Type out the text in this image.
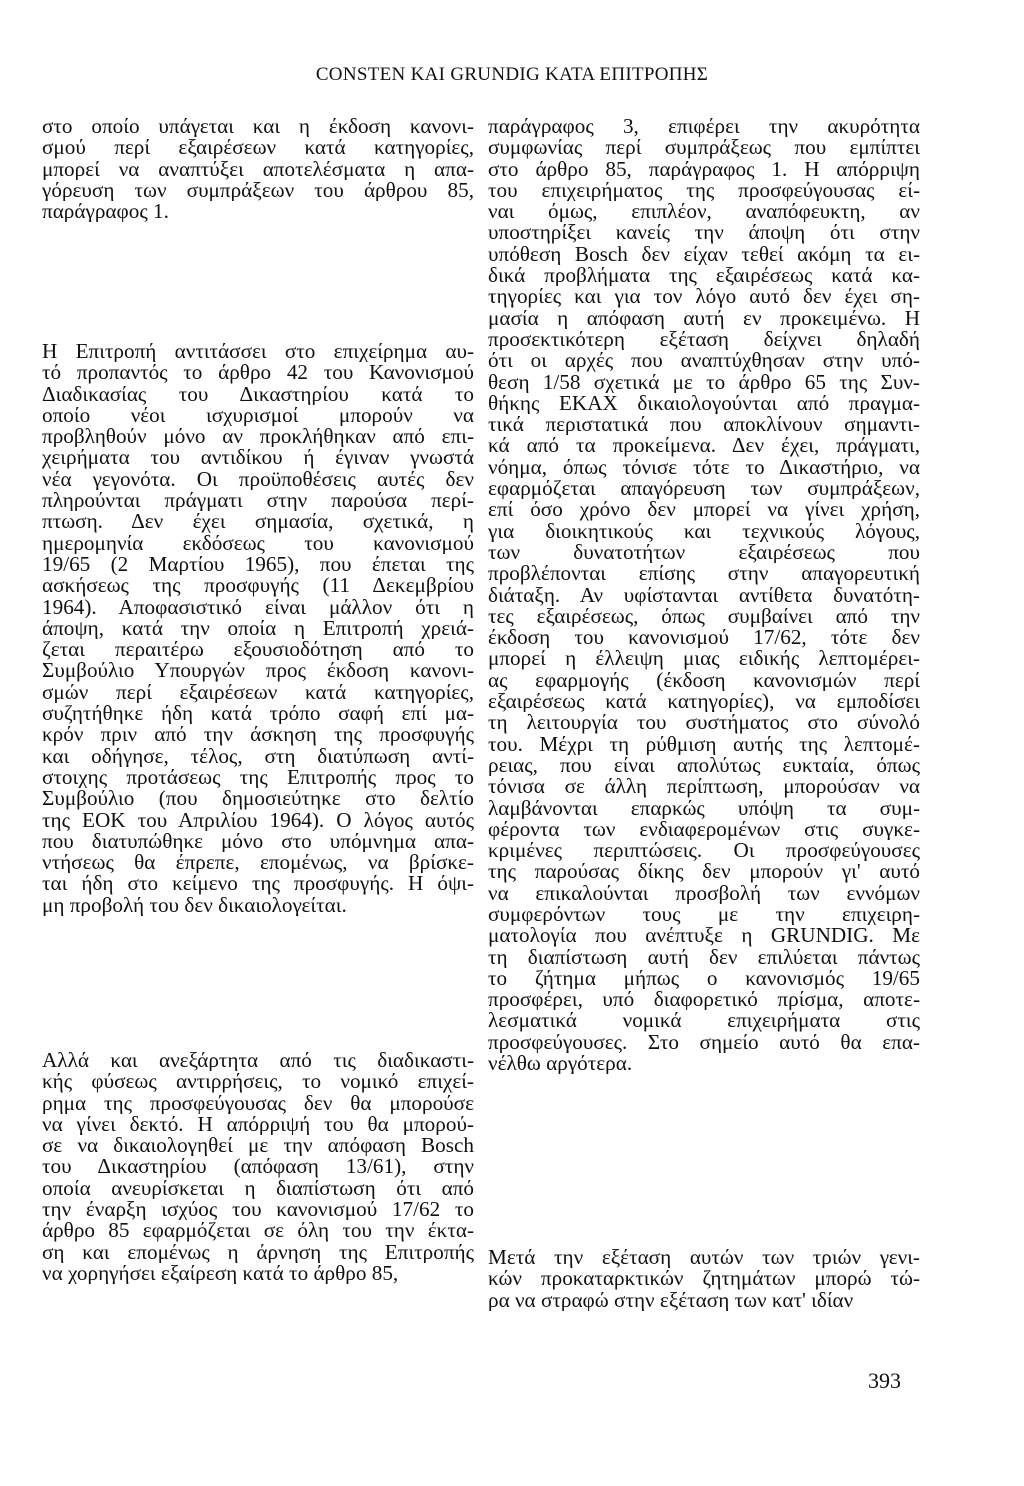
CONSTEN KAI GRUNDIG KATA ΕΠΙΤΡΟΠΗΣ
στο οποίο υπάγεται και η έκδοση κανονι-
σμού περί εξαιρέσεων κατά κατηγορίες,
μπορεί να αναπτύξει αποτελέσματα η απα-
γόρευση των συμπράξεων του άρθρου 85,
παράγραφος 1.
Η Επιτροπή αντιτάσσει στο επιχείρημα αυ-
τό προπαντός το άρθρο 42 του Κανονισμού
Διαδικασίας του Δικαστηρίου κατά το
οποίο νέοι ισχυρισμοί μπορούν να
προβληθούν μόνο αν προκλήθηκαν από επι-
χειρήματα του αντιδίκου ή έγιναν γνωστά
νέα γεγονότα. Οι προϋποθέσεις αυτές δεν
πληρούνται πράγματι στην παρούσα περί-
πτωση. Δεν έχει σημασία, σχετικά, η
ημερομηνία εκδόσεως του κανονισμού
19/65 (2 Μαρτίου 1965), που έπεται της
ασκήσεως της προσφυγής (11 Δεκεμβρίου
1964). Αποφασιστικό είναι μάλλον ότι η
άποψη, κατά την οποία η Επιτροπή χρειά-
ζεται περαιτέρω εξουσιοδότηση από το
Συμβούλιο Υπουργών προς έκδοση κανονι-
σμών περί εξαιρέσεων κατά κατηγορίες,
συζητήθηκε ήδη κατά τρόπο σαφή επί μα-
κρόν πριν από την άσκηση της προσφυγής
και οδήγησε, τέλος, στη διατύπωση αντί-
στοιχης προτάσεως της Επιτροπής προς το
Συμβούλιο (που δημοσιεύτηκε στο δελτίο
της ΕΟΚ του Απριλίου 1964). Ο λόγος αυτός
που διατυπώθηκε μόνο στο υπόμνημα απα-
ντήσεως θα έπρεπε, επομένως, να βρίσκε-
ται ήδη στο κείμενο της προσφυγής. Η όψι-
μη προβολή του δεν δικαιολογείται.
Αλλά και ανεξάρτητα από τις διαδικαστι-
κής φύσεως αντιρρήσεις, το νομικό επιχεί-
ρημα της προσφεύγουσας δεν θα μπορούσε
να γίνει δεκτό. Η απόρριψή του θα μπορού-
σε να δικαιολογηθεί με την απόφαση Bosch
του Δικαστηρίου (απόφαση 13/61), στην
οποία ανευρίσκεται η διαπίστωση ότι από
την έναρξη ισχύος του κανονισμού 17/62 το
άρθρο 85 εφαρμόζεται σε όλη του την έκτα-
ση και επομένως η άρνηση της Επιτροπής
να χορηγήσει εξαίρεση κατά το άρθρο 85,
παράγραφος 3, επιφέρει την ακυρότητα
συμφωνίας περί συμπράξεως που εμπίπτει
στο άρθρο 85, παράγραφος 1. Η απόρριψη
του επιχειρήματος της προσφεύγουσας εί-
ναι όμως, επιπλέον, αναπόφευκτη, αν
υποστηρίξει κανείς την άποψη ότι στην
υπόθεση Bosch δεν είχαν τεθεί ακόμη τα ει-
δικά προβλήματα της εξαιρέσεως κατά κα-
τηγορίες και για τον λόγο αυτό δεν έχει ση-
μασία η απόφαση αυτή εν προκειμένω. Η
προσεκτικότερη εξέταση δείχνει δηλαδή
ότι οι αρχές που αναπτύχθησαν στην υπό-
θεση 1/58 σχετικά με το άρθρο 65 της Συν-
θήκης ΕΚΑΧ δικαιολογούνται από πραγμα-
τικά περιστατικά που αποκλίνουν σημαντι-
κά από τα προκείμενα. Δεν έχει, πράγματι,
νόημα, όπως τόνισε τότε το Δικαστήριο, να
εφαρμόζεται απαγόρευση των συμπράξεων,
επί όσο χρόνο δεν μπορεί να γίνει χρήση,
για διοικητικούς και τεχνικούς λόγους,
των δυνατοτήτων εξαιρέσεως που
προβλέπονται επίσης στην απαγορευτική
διάταξη. Αν υφίστανται αντίθετα δυνατότη-
τες εξαιρέσεως, όπως συμβαίνει από την
έκδοση του κανονισμού 17/62, τότε δεν
μπορεί η έλλειψη μιας ειδικής λεπτομέρει-
ας εφαρμογής (έκδοση κανονισμών περί
εξαιρέσεως κατά κατηγορίες), να εμποδίσει
τη λειτουργία του συστήματος στο σύνολό
του. Μέχρι τη ρύθμιση αυτής της λεπτομέ-
ρειας, που είναι απολύτως ευκταία, όπως
τόνισα σε άλλη περίπτωση, μπορούσαν να
λαμβάνονται επαρκώς υπόψη τα συμ-
φέροντα των ενδιαφερομένων στις συγκε-
κριμένες περιπτώσεις. Οι προσφεύγουσες
της παρούσας δίκης δεν μπορούν γι' αυτό
να επικαλούνται προσβολή των εννόμων
συμφερόντων τους με την επιχειρη-
ματολογία που ανέπτυξε η GRUNDIG. Με
τη διαπίστωση αυτή δεν επιλύεται πάντως
το ζήτημα μήπως ο κανονισμός 19/65
προσφέρει, υπό διαφορετικό πρίσμα, αποτε-
λεσματικά νομικά επιχειρήματα στις
προσφεύγουσες. Στο σημείο αυτό θα επα-
νέλθω αργότερα.
Μετά την εξέταση αυτών των τριών γενι-
κών προκαταρκτικών ζητημάτων μπορώ τώ-
ρα να στραφώ στην εξέταση των κατ' ιδίαν
393
